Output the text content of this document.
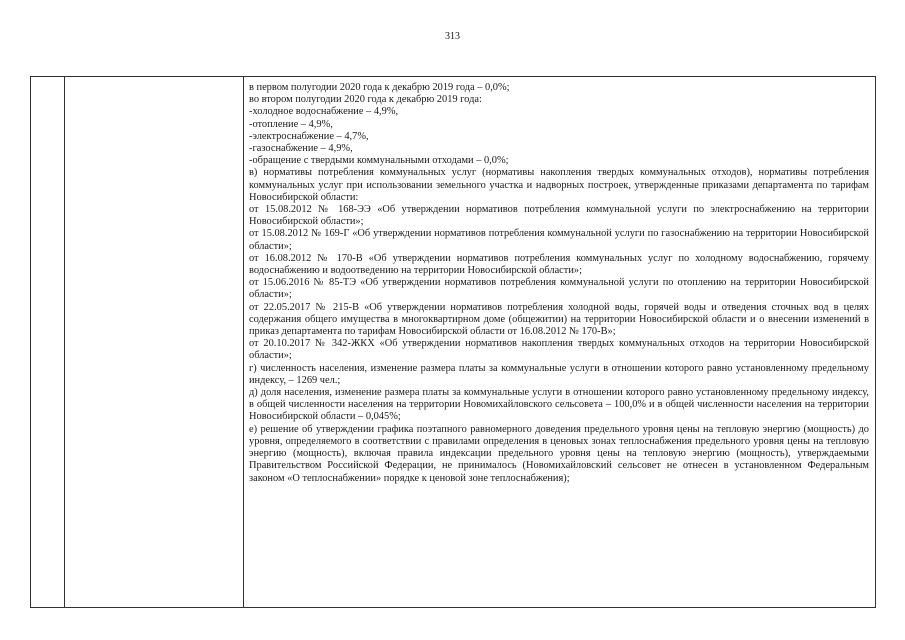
313

в первом полугодии 2020 года к декабрю 2019 года – 0,0%;

во втором полугодии 2020 года к декабрю 2019 года:

-холодное водоснабжение – 4,9%,

-отопление – 4,9%,

-электроснабжение – 4,7%,

-газоснабжение – 4,9%,

-обращение с твердыми коммунальными отходами – 0,0%;

в) нормативы потребления коммунальных услуг (нормативы накопления твердых коммунальных отходов), нормативы потребления коммунальных услуг при использовании земельного участка и надворных построек, утвержденные приказами департамента по тарифам Новосибирской области:

от 15.08.2012 № 168-ЭЭ «Об утверждении нормативов потребления коммунальной услуги по электроснабжению на территории Новосибирской области»;

от 15.08.2012 № 169-Г «Об утверждении нормативов потребления коммунальной услуги по газоснабжению на территории Новосибирской области»;

от 16.08.2012 № 170-В «Об утверждении нормативов потребления коммунальных услуг по холодному водоснабжению, горячему водоснабжению и водоотведению на территории Новосибирской области»;

от 15.06.2016 № 85-ТЭ «Об утверждении нормативов потребления коммунальной услуги по отоплению на территории Новосибирской области»;

от 22.05.2017 № 215-В «Об утверждении нормативов потребления холодной воды, горячей воды и отведения сточных вод в целях содержания общего имущества в многоквартирном доме (общежитии) на территории Новосибирской области и о внесении изменений в приказ департамента по тарифам Новосибирской области от 16.08.2012 № 170-В»;

от 20.10.2017 № 342-ЖКХ «Об утверждении нормативов накопления твердых коммунальных отходов на территории Новосибирской области»;

г) численность населения, изменение размера платы за коммунальные услуги в отношении которого равно установленному предельному индексу, – 1269 чел.;

д) доля населения, изменение размера платы за коммунальные услуги в отношении которого равно установленному предельному индексу, в общей численности населения на территории Новомихайловского сельсовета – 100,0% и в общей численности населения на территории Новосибирской области – 0,045%;

е) решение об утверждении графика поэтапного равномерного доведения предельного уровня цены на тепловую энергию (мощность) до уровня, определяемого в соответствии с правилами определения в ценовых зонах теплоснабжения предельного уровня цены на тепловую энергию (мощность), включая правила индексации предельного уровня цены на тепловую энергию (мощность), утверждаемыми Правительством Российской Федерации, не принималось (Новомихайловский сельсовет не отнесен в установленном Федеральным законом «О теплоснабжении» порядке к ценовой зоне теплоснабжения);
